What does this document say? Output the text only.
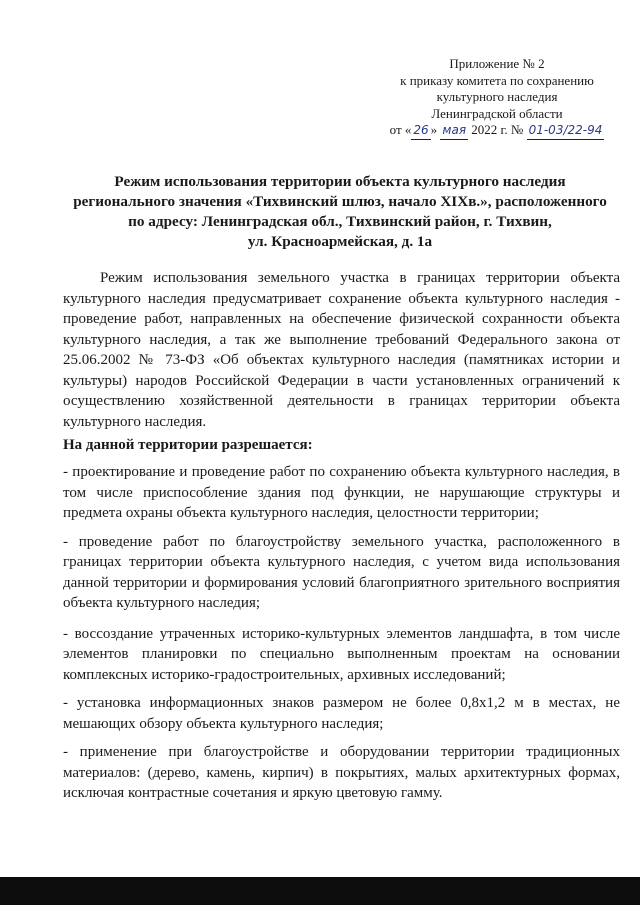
Приложение № 2
к приказу комитета по сохранению
культурного наследия
Ленинградской области
от « 26 » мая 2022 г. № 01-03/22-94
Режим использования территории объекта культурного наследия
регионального значения «Тихвинский шлюз, начало XIXв.», расположенного
по адресу: Ленинградская обл., Тихвинский район, г. Тихвин,
ул. Красноармейская, д. 1а
Режим использования земельного участка в границах территории объекта культурного наследия предусматривает сохранение объекта культурного наследия - проведение работ, направленных на обеспечение физической сохранности объекта культурного наследия, а так же выполнение требований Федерального закона от 25.06.2002 № 73-ФЗ «Об объектах культурного наследия (памятниках истории и культуры) народов Российской Федерации в части установленных ограничений к осуществлению хозяйственной деятельности в границах территории объекта культурного наследия.
На данной территории разрешается:
- проектирование и проведение работ по сохранению объекта культурного наследия, в том числе приспособление здания под функции, не нарушающие структуры и предмета охраны объекта культурного наследия, целостности территории;
- проведение работ по благоустройству земельного участка, расположенного в границах территории объекта культурного наследия, с учетом вида использования данной территории и формирования условий благоприятного зрительного восприятия объекта культурного наследия;
- воссоздание утраченных историко-культурных элементов ландшафта, в том числе элементов планировки по специально выполненным проектам на основании комплексных историко-градостроительных, архивных исследований;
- установка информационных знаков размером не более 0,8х1,2 м в местах, не мешающих обзору объекта культурного наследия;
- применение при благоустройстве и оборудовании территории традиционных материалов: (дерево, камень, кирпич) в покрытиях, малых архитектурных формах, исключая контрастные сочетания и яркую цветовую гамму.
